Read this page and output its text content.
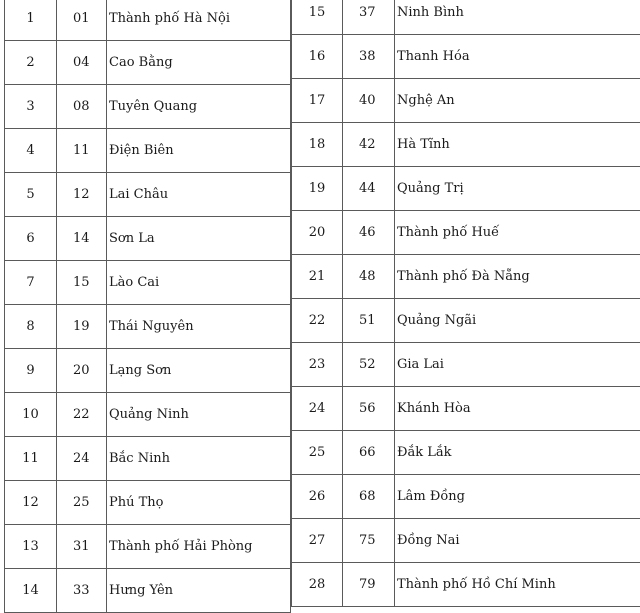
1	01	Thành phố Hà Nội
2	04	Cao Bằng
3	08	Tuyên Quang
4	11	Điện Biên
5	12	Lai Châu
6	14	Sơn La
7	15	Lào Cai
8	19	Thái Nguyên
9	20	Lạng Sơn
10	22	Quảng Ninh
11	24	Bắc Ninh
12	25	Phú Thọ
13	31	Thành phố Hải Phòng
14	33	Hưng Yên
15	37	Ninh Bình
16	38	Thanh Hóa
17	40	Nghệ An
18	42	Hà Tĩnh
19	44	Quảng Trị
20	46	Thành phố Huế
21	48	Thành phố Đà Nẵng
22	51	Quảng Ngãi
23	52	Gia Lai
24	56	Khánh Hòa
25	66	Đắk Lắk
26	68	Lâm Đồng
27	75	Đồng Nai
28	79	Thành phố Hồ Chí Minh
